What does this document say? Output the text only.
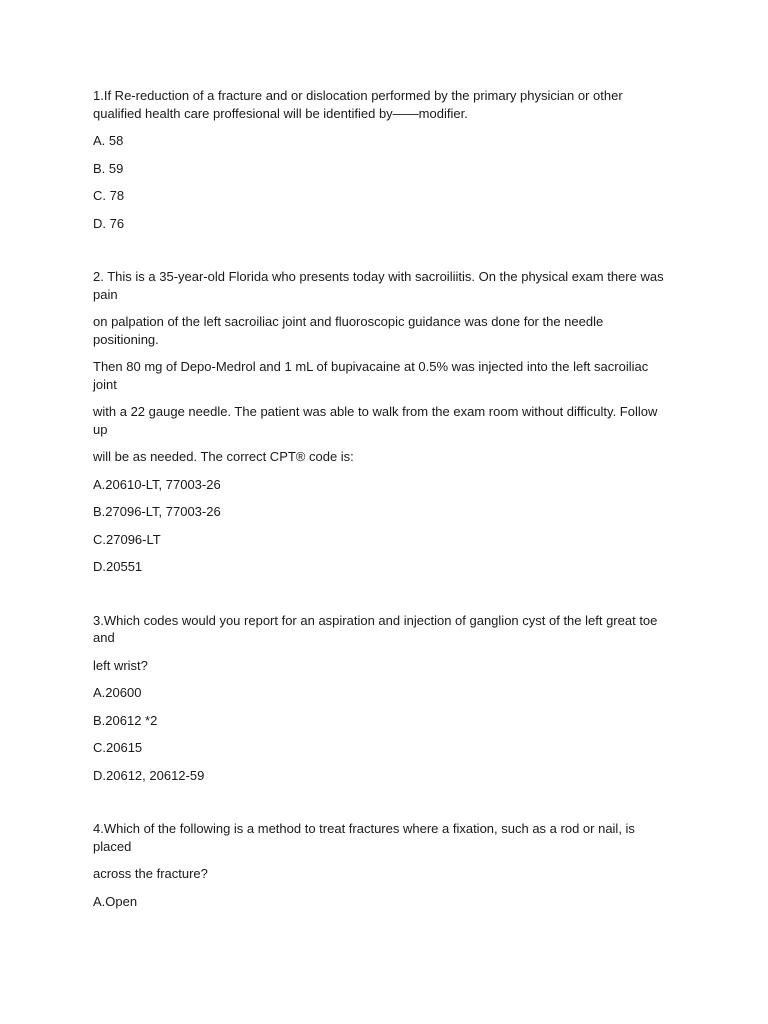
1.If Re-reduction of a fracture and or dislocation performed by the primary physician or other qualified health care proffesional will be identified by——modifier.

A. 58

B. 59

C. 78

D. 76

2. This is a 35-year-old Florida who presents today with sacroiliitis. On the physical exam there was pain

on palpation of the left sacroiliac joint and fluoroscopic guidance was done for the needle positioning.

Then 80 mg of Depo-Medrol and 1 mL of bupivacaine at 0.5% was injected into the left sacroiliac joint

with a 22 gauge needle. The patient was able to walk from the exam room without difficulty. Follow up

will be as needed. The correct CPT® code is:

A.20610-LT, 77003-26

B.27096-LT, 77003-26

C.27096-LT

D.20551

3.Which codes would you report for an aspiration and injection of ganglion cyst of the left great toe and

left wrist?

A.20600

B.20612 *2

C.20615

D.20612, 20612-59

4.Which of the following is a method to treat fractures where a fixation, such as a rod or nail, is placed

across the fracture?

A.Open
